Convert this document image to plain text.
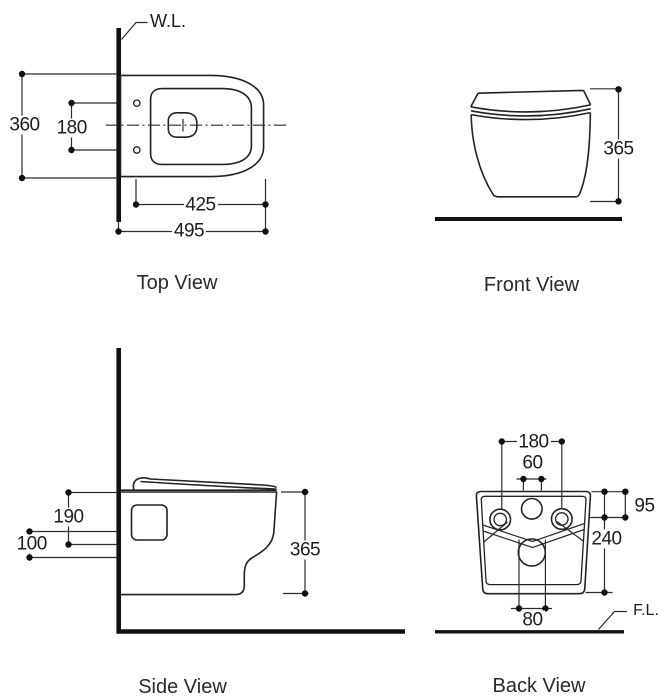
W.L.
F.L.
360 180
425
495
Top View
365
Front View
190
100	365
Side View
180
60
95
240
80
Back View
